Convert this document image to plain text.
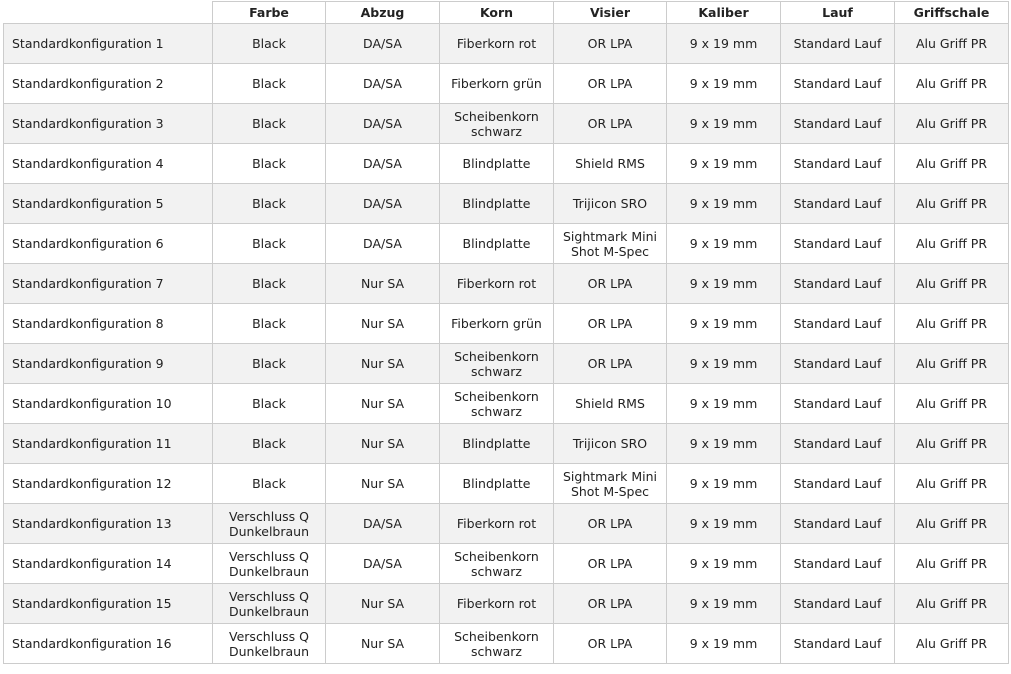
	Farbe	Abzug	Korn	Visier	Kaliber	Lauf	Griffschale
Standardkonfiguration 1	Black	DA/SA	Fiberkorn rot	OR LPA	9 x 19 mm	Standard Lauf	Alu Griff PR
Standardkonfiguration 2	Black	DA/SA	Fiberkorn grün	OR LPA	9 x 19 mm	Standard Lauf	Alu Griff PR
Standardkonfiguration 3	Black	DA/SA	Scheibenkorn schwarz	OR LPA	9 x 19 mm	Standard Lauf	Alu Griff PR
Standardkonfiguration 4	Black	DA/SA	Blindplatte	Shield RMS	9 x 19 mm	Standard Lauf	Alu Griff PR
Standardkonfiguration 5	Black	DA/SA	Blindplatte	Trijicon SRO	9 x 19 mm	Standard Lauf	Alu Griff PR
Standardkonfiguration 6	Black	DA/SA	Blindplatte	Sightmark Mini Shot M-Spec	9 x 19 mm	Standard Lauf	Alu Griff PR
Standardkonfiguration 7	Black	Nur SA	Fiberkorn rot	OR LPA	9 x 19 mm	Standard Lauf	Alu Griff PR
Standardkonfiguration 8	Black	Nur SA	Fiberkorn grün	OR LPA	9 x 19 mm	Standard Lauf	Alu Griff PR
Standardkonfiguration 9	Black	Nur SA	Scheibenkorn schwarz	OR LPA	9 x 19 mm	Standard Lauf	Alu Griff PR
Standardkonfiguration 10	Black	Nur SA	Scheibenkorn schwarz	Shield RMS	9 x 19 mm	Standard Lauf	Alu Griff PR
Standardkonfiguration 11	Black	Nur SA	Blindplatte	Trijicon SRO	9 x 19 mm	Standard Lauf	Alu Griff PR
Standardkonfiguration 12	Black	Nur SA	Blindplatte	Sightmark Mini Shot M-Spec	9 x 19 mm	Standard Lauf	Alu Griff PR
Standardkonfiguration 13	Verschluss Q Dunkelbraun	DA/SA	Fiberkorn rot	OR LPA	9 x 19 mm	Standard Lauf	Alu Griff PR
Standardkonfiguration 14	Verschluss Q Dunkelbraun	DA/SA	Scheibenkorn schwarz	OR LPA	9 x 19 mm	Standard Lauf	Alu Griff PR
Standardkonfiguration 15	Verschluss Q Dunkelbraun	Nur SA	Fiberkorn rot	OR LPA	9 x 19 mm	Standard Lauf	Alu Griff PR
Standardkonfiguration 16	Verschluss Q Dunkelbraun	Nur SA	Scheibenkorn schwarz	OR LPA	9 x 19 mm	Standard Lauf	Alu Griff PR
